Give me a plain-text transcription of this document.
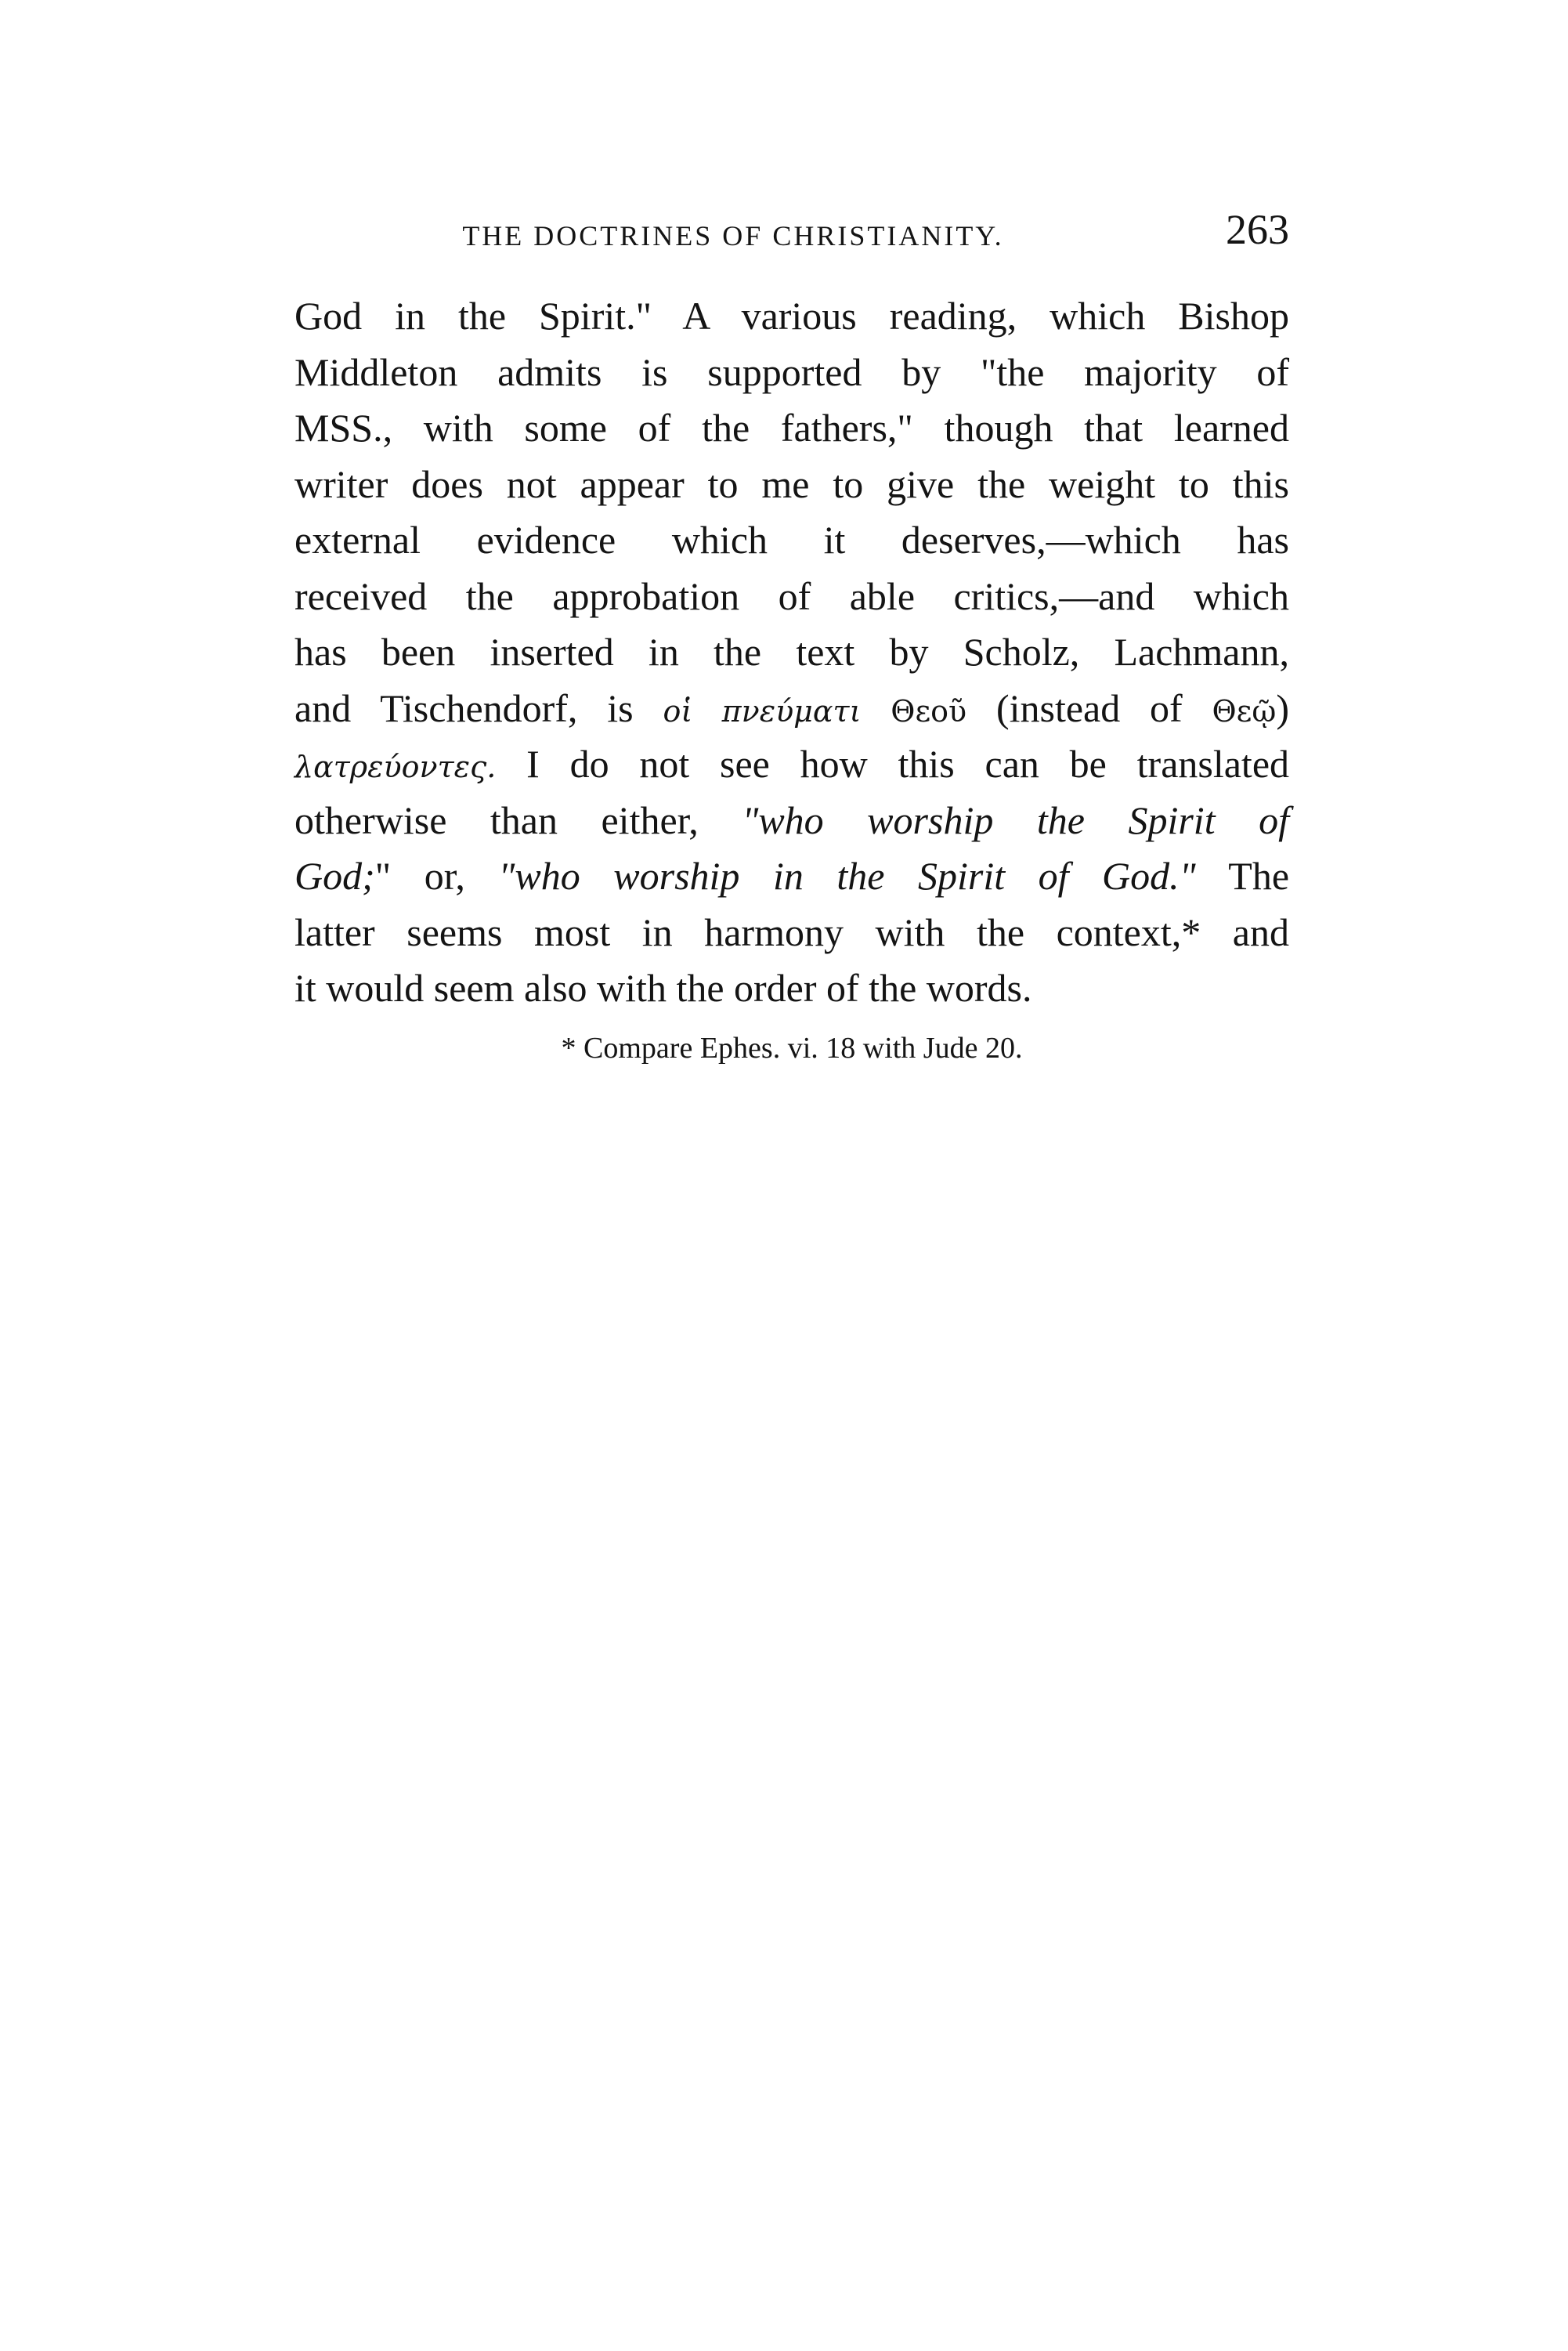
THE DOCTRINES OF CHRISTIANITY.	263
God in the Spirit." A various reading, which Bishop
Middleton admits is supported by "the majority of
MSS., with some of the fathers," though that learned
writer does not appear to me to give the weight to this
external evidence which it deserves,—which has
received the approbation of able critics,—and which
has been inserted in the text by Scholz, Lachmann,
and Tischendorf, is οἱ πνεύματι Θεοῦ (instead of Θεῷ)
λατρεύοντες. I do not see how this can be translated
otherwise than either, "who worship the Spirit of
God;" or, "who worship in the Spirit of God." The
latter seems most in harmony with the context,* and
it would seem also with the order of the words.

* Compare Ephes. vi. 18 with Jude 20.
